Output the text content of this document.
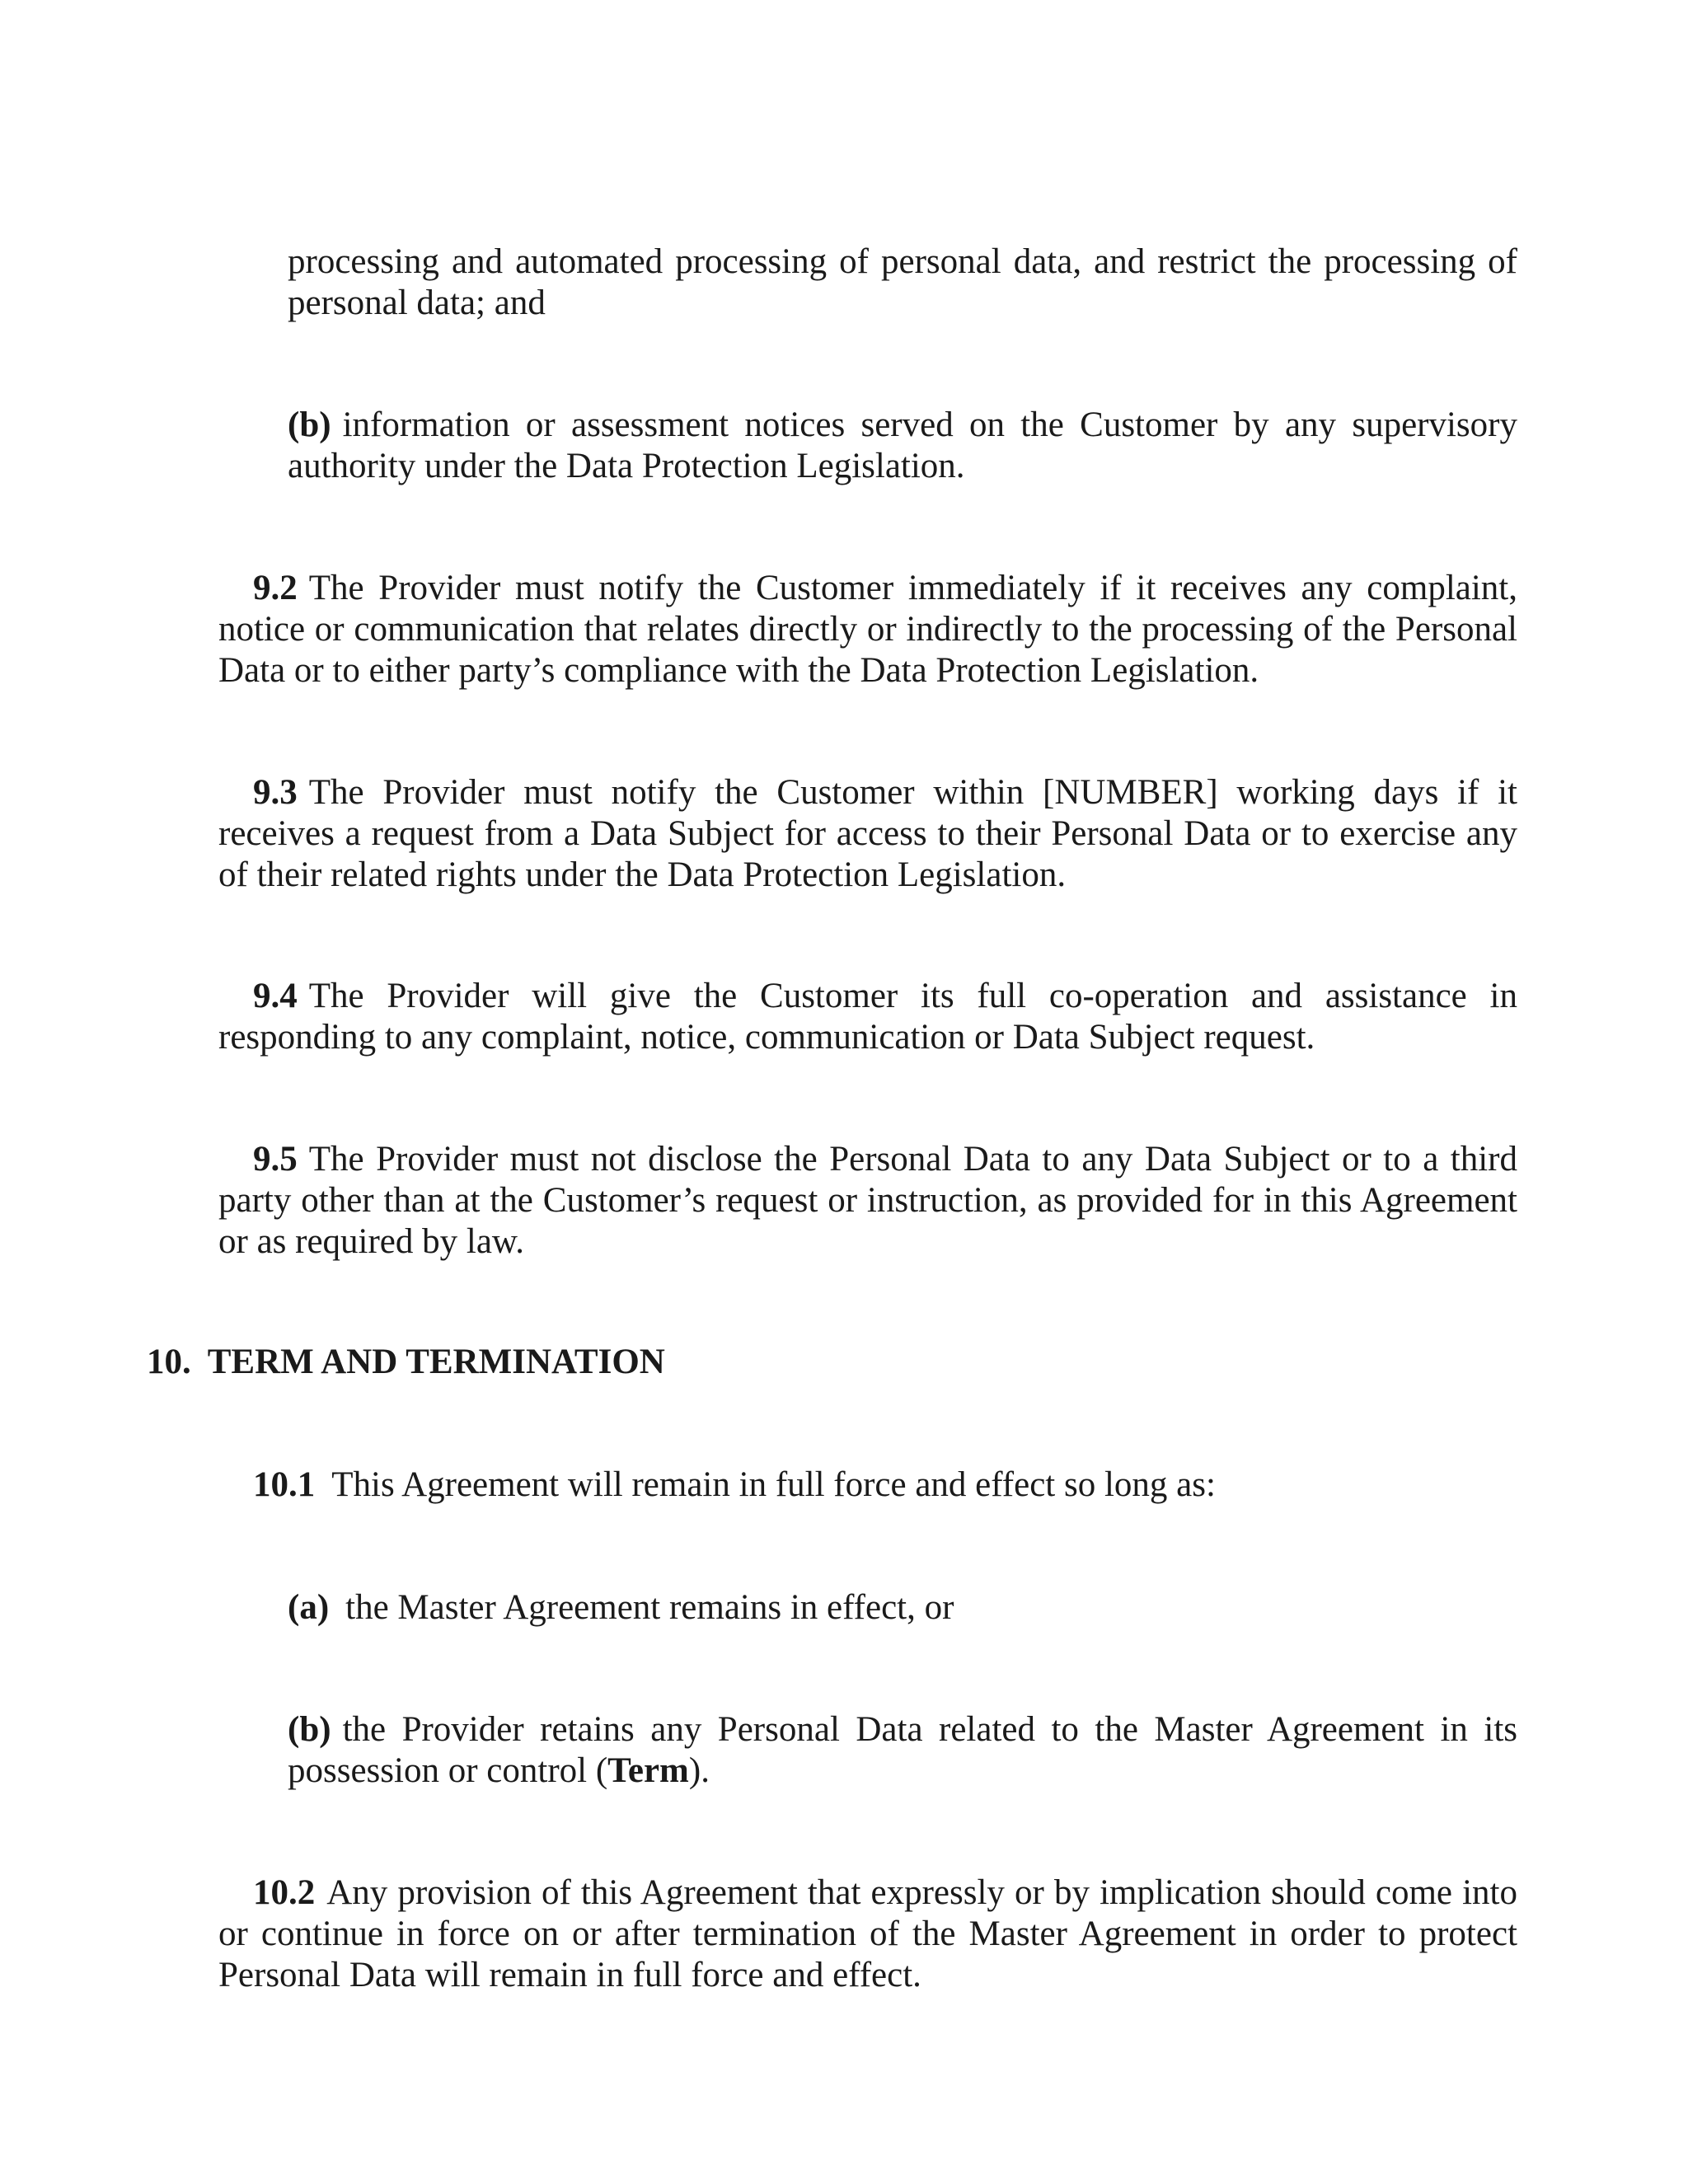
processing and automated processing of personal data, and restrict the processing of personal data; and

(b) information or assessment notices served on the Customer by any supervisory authority under the Data Protection Legislation.

9.2 The Provider must notify the Customer immediately if it receives any complaint, notice or communication that relates directly or indirectly to the processing of the Personal Data or to either party’s compliance with the Data Protection Legislation.

9.3 The Provider must notify the Customer within [NUMBER] working days if it receives a request from a Data Subject for access to their Personal Data or to exercise any of their related rights under the Data Protection Legislation.

9.4 The Provider will give the Customer its full co-operation and assistance in responding to any complaint, notice, communication or Data Subject request.

9.5 The Provider must not disclose the Personal Data to any Data Subject or to a third party other than at the Customer’s request or instruction, as provided for in this Agreement or as required by law.

10. TERM AND TERMINATION

10.1 This Agreement will remain in full force and effect so long as:

(a) the Master Agreement remains in effect, or

(b) the Provider retains any Personal Data related to the Master Agreement in its possession or control (Term).

10.2 Any provision of this Agreement that expressly or by implication should come into or continue in force on or after termination of the Master Agreement in order to protect Personal Data will remain in full force and effect.
